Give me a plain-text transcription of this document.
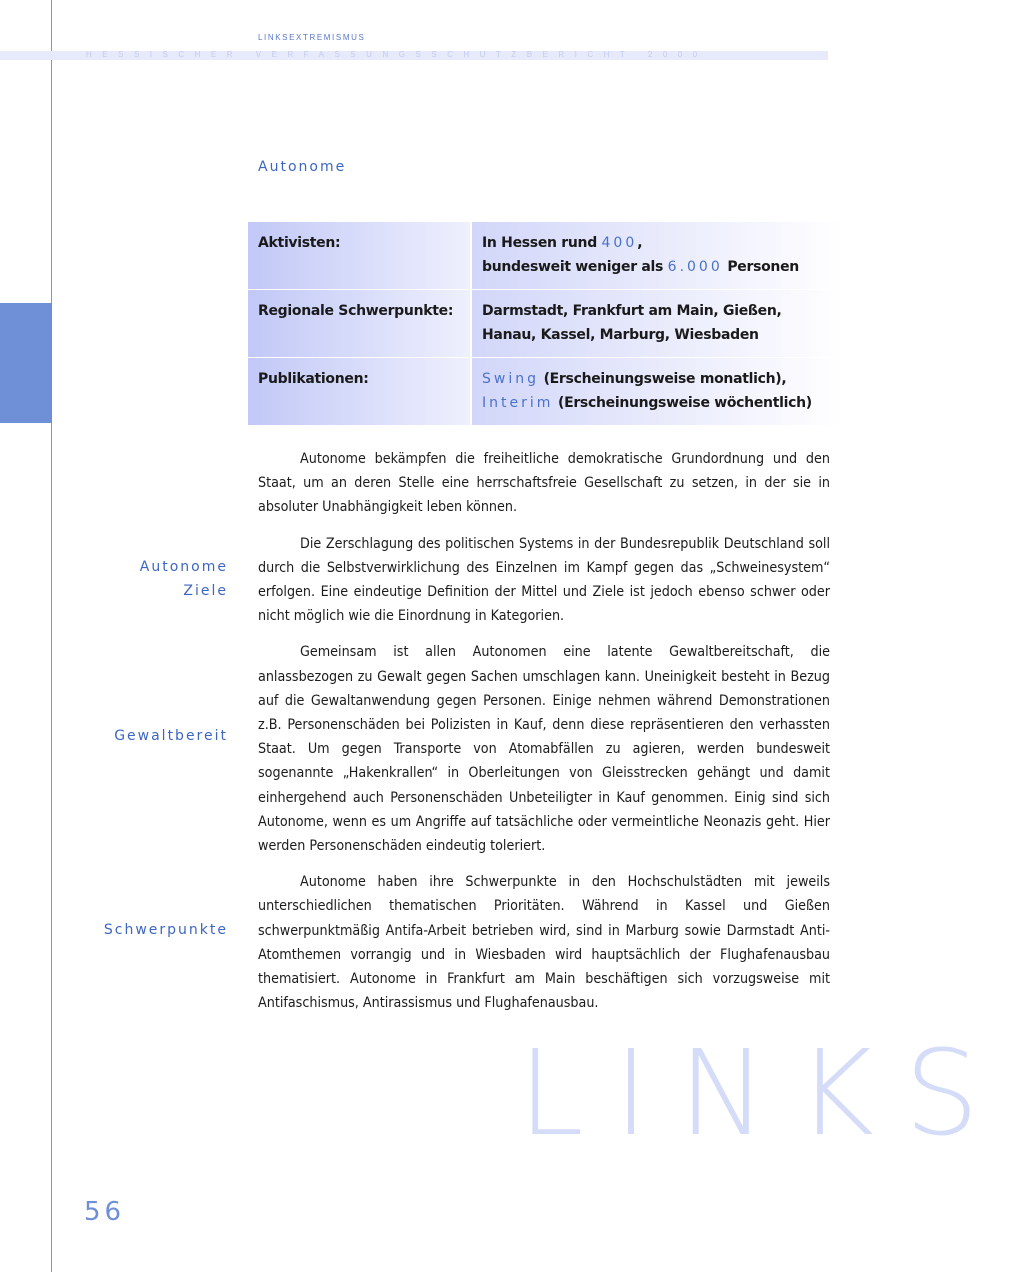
LINKSEXTREMISMUS
HESSISCHER VERFASSUNGSSCHUTZBERICHT 2000
Autonome
Aktivisten:	In Hessen rund 400,
bundesweit weniger als 6.000 Personen
Regionale Schwerpunkte:	Darmstadt, Frankfurt am Main, Gießen,
Hanau, Kassel, Marburg, Wiesbaden
Publikationen:	Swing (Erscheinungsweise monatlich),
Interim (Erscheinungsweise wöchentlich)

Autonome bekämpfen die freiheitliche demokratische Grundordnung und den Staat, um an deren Stelle eine herrschaftsfreie Gesellschaft zu setzen, in der sie in absoluter Unabhängigkeit leben können.

Die Zerschlagung des politischen Systems in der Bundesrepublik Deutschland soll durch die Selbstverwirklichung des Einzelnen im Kampf gegen das „Schweinesystem“ erfolgen. Eine eindeutige Definition der Mittel und Ziele ist jedoch ebenso schwer oder nicht möglich wie die Einordnung in Kategorien.

Gemeinsam ist allen Autonomen eine latente Gewaltbereitschaft, die anlassbezogen zu Gewalt gegen Sachen umschlagen kann. Uneinigkeit besteht in Bezug auf die Gewaltanwendung gegen Personen. Einige nehmen während Demonstrationen z.B. Personenschäden bei Polizisten in Kauf, denn diese repräsentieren den verhassten Staat. Um gegen Transporte von Atomabfällen zu agieren, werden bundesweit sogenannte „Hakenkrallen“ in Oberleitungen von Gleisstrecken gehängt und damit einhergehend auch Personenschäden Unbeteiligter in Kauf genommen. Einig sind sich Autonome, wenn es um Angriffe auf tatsächliche oder vermeintliche Neonazis geht. Hier werden Personenschäden eindeutig toleriert.

Autonome haben ihre Schwerpunkte in den Hochschulstädten mit jeweils unterschiedlichen thematischen Prioritäten. Während in Kassel und Gießen schwerpunktmäßig Antifa-Arbeit betrieben wird, sind in Marburg sowie Darmstadt Anti-Atomthemen vorrangig und in Wiesbaden wird hauptsächlich der Flughafenausbau thematisiert. Autonome in Frankfurt am Main beschäftigen sich vorzugsweise mit Antifaschismus, Antirassismus und Flughafenausbau.

Autonome
Ziele
Gewaltbereit
Schwerpunkte
LINKS
56
